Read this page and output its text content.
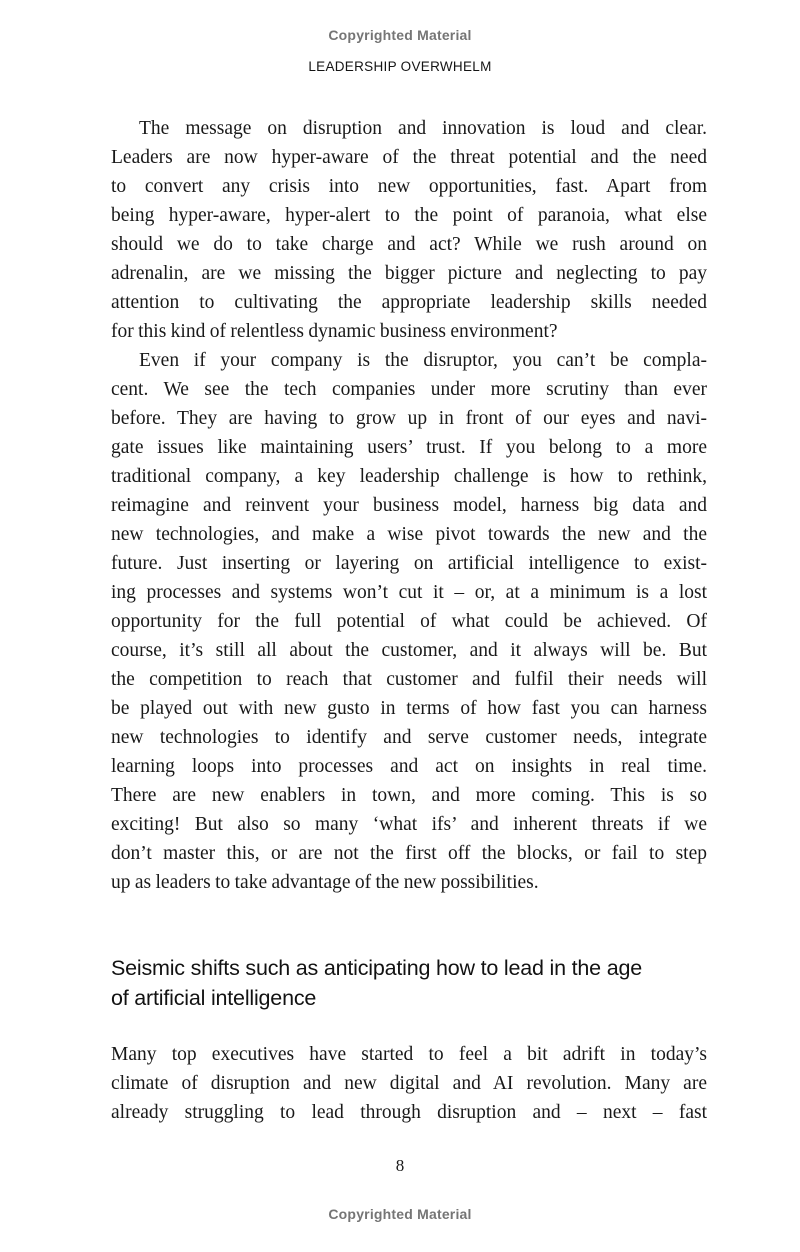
Copyrighted Material
LEADERSHIP OVERWHELM

The message on disruption and innovation is loud and clear.
Leaders are now hyper-aware of the threat potential and the need
to convert any crisis into new opportunities, fast. Apart from
being hyper-aware, hyper-alert to the point of paranoia, what else
should we do to take charge and act? While we rush around on
adrenalin, are we missing the bigger picture and neglecting to pay
attention to cultivating the appropriate leadership skills needed
for this kind of relentless dynamic business environment?

Even if your company is the disruptor, you can’t be compla-
cent. We see the tech companies under more scrutiny than ever
before. They are having to grow up in front of our eyes and navi-
gate issues like maintaining users’ trust. If you belong to a more
traditional company, a key leadership challenge is how to rethink,
reimagine and reinvent your business model, harness big data and
new technologies, and make a wise pivot towards the new and the
future. Just inserting or layering on artificial intelligence to exist-
ing processes and systems won’t cut it – or, at a minimum is a lost
opportunity for the full potential of what could be achieved. Of
course, it’s still all about the customer, and it always will be. But
the competition to reach that customer and fulfil their needs will
be played out with new gusto in terms of how fast you can harness
new technologies to identify and serve customer needs, integrate
learning loops into processes and act on insights in real time.
There are new enablers in town, and more coming. This is so
exciting! But also so many ‘what ifs’ and inherent threats if we
don’t master this, or are not the first off the blocks, or fail to step
up as leaders to take advantage of the new possibilities.

Seismic shifts such as anticipating how to lead in the age
of artificial intelligence

Many top executives have started to feel a bit adrift in today’s
climate of disruption and new digital and AI revolution. Many are
already struggling to lead through disruption and – next – fast

8
Copyrighted Material
